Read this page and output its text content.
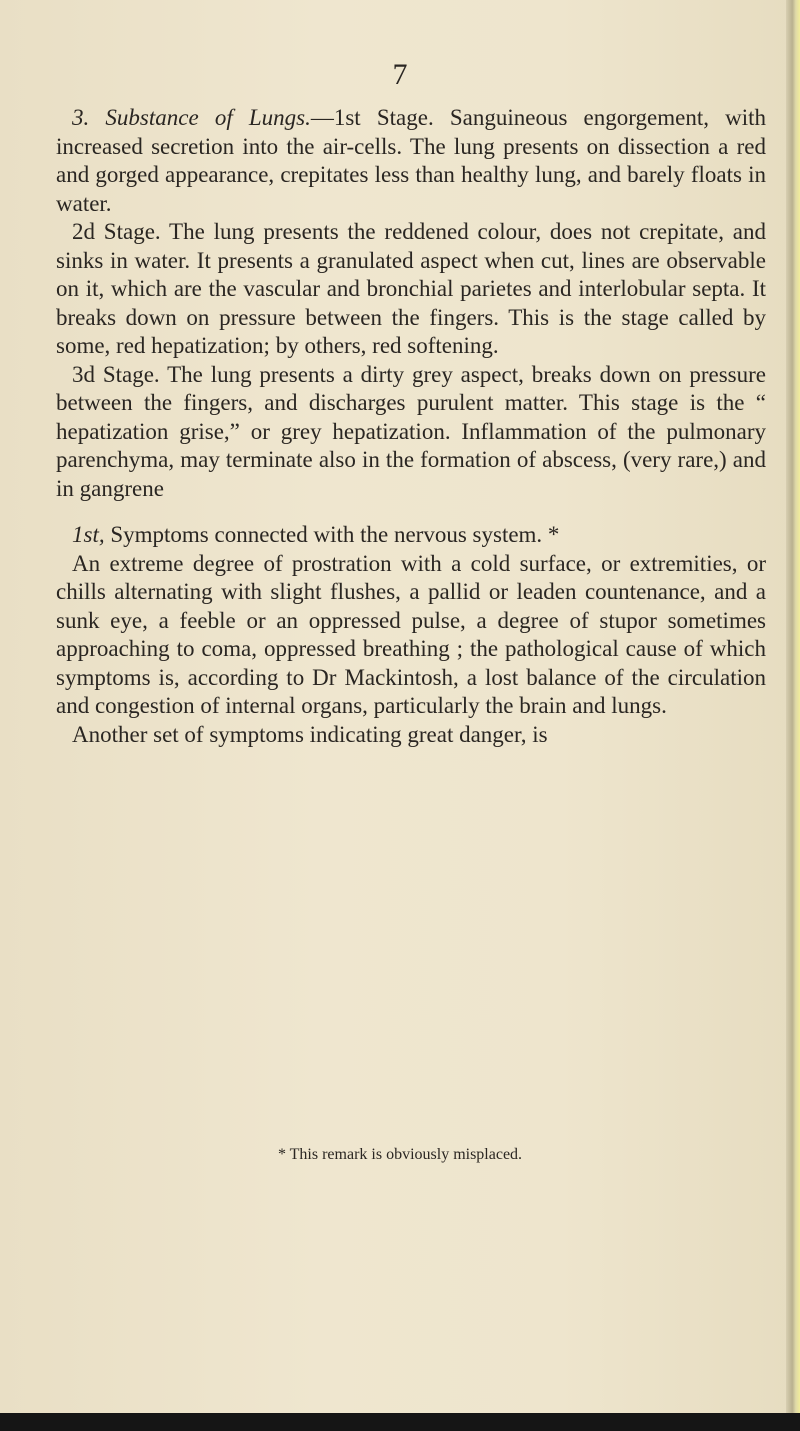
7

3. Substance of Lungs.—1st Stage. Sanguineous engorgement, with increased secretion into the air-cells. The lung presents on dissection a red and gorged appearance, crepitates less than healthy lung, and barely floats in water.

2d Stage. The lung presents the reddened colour, does not crepitate, and sinks in water. It presents a granulated aspect when cut, lines are observable on it, which are the vascular and bronchial parietes and interlobular septa. It breaks down on pressure between the fingers. This is the stage called by some, red hepatization; by others, red softening.

3d Stage. The lung presents a dirty grey aspect, breaks down on pressure between the fingers, and discharges purulent matter. This stage is the “ hepatization grise,” or grey hepatization. Inflammation of the pulmonary parenchyma, may terminate also in the formation of abscess, (very rare,) and in gangrene

1st, Symptoms connected with the nervous system. *

An extreme degree of prostration with a cold surface, or extremities, or chills alternating with slight flushes, a pallid or leaden countenance, and a sunk eye, a feeble or an oppressed pulse, a degree of stupor sometimes approaching to coma, oppressed breathing ; the pathological cause of which symptoms is, according to Dr Mackintosh, a lost balance of the circulation and congestion of internal organs, particularly the brain and lungs.

Another set of symptoms indicating great danger, is

* This remark is obviously misplaced.
